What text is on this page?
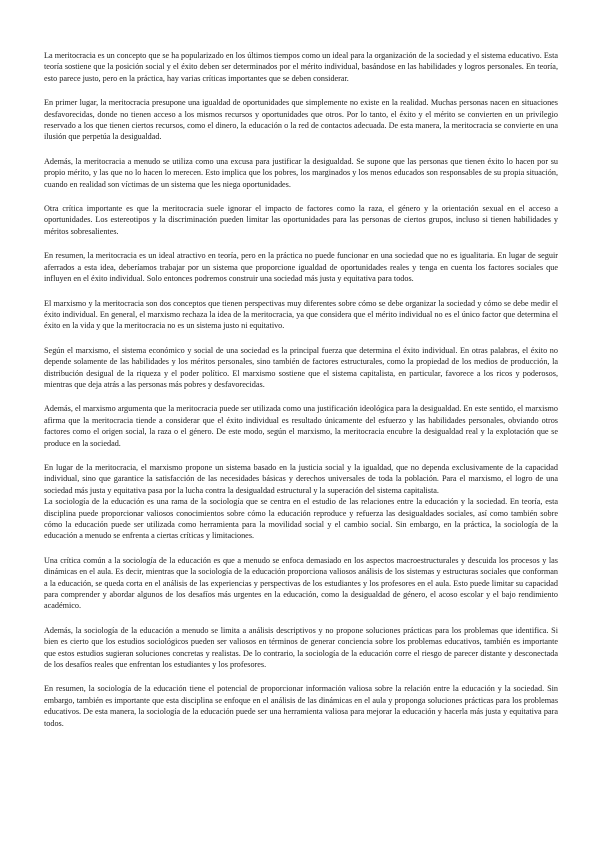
La meritocracia es un concepto que se ha popularizado en los últimos tiempos como un ideal para la organización de la sociedad y el sistema educativo. Esta teoría sostiene que la posición social y el éxito deben ser determinados por el mérito individual, basándose en las habilidades y logros personales. En teoría, esto parece justo, pero en la práctica, hay varias críticas importantes que se deben considerar.

En primer lugar, la meritocracia presupone una igualdad de oportunidades que simplemente no existe en la realidad. Muchas personas nacen en situaciones desfavorecidas, donde no tienen acceso a los mismos recursos y oportunidades que otros. Por lo tanto, el éxito y el mérito se convierten en un privilegio reservado a los que tienen ciertos recursos, como el dinero, la educación o la red de contactos adecuada. De esta manera, la meritocracia se convierte en una ilusión que perpetúa la desigualdad.

Además, la meritocracia a menudo se utiliza como una excusa para justificar la desigualdad. Se supone que las personas que tienen éxito lo hacen por su propio mérito, y las que no lo hacen lo merecen. Esto implica que los pobres, los marginados y los menos educados son responsables de su propia situación, cuando en realidad son víctimas de un sistema que les niega oportunidades.

Otra crítica importante es que la meritocracia suele ignorar el impacto de factores como la raza, el género y la orientación sexual en el acceso a oportunidades. Los estereotipos y la discriminación pueden limitar las oportunidades para las personas de ciertos grupos, incluso si tienen habilidades y méritos sobresalientes.

En resumen, la meritocracia es un ideal atractivo en teoría, pero en la práctica no puede funcionar en una sociedad que no es igualitaria. En lugar de seguir aferrados a esta idea, deberíamos trabajar por un sistema que proporcione igualdad de oportunidades reales y tenga en cuenta los factores sociales que influyen en el éxito individual. Solo entonces podremos construir una sociedad más justa y equitativa para todos.

El marxismo y la meritocracia son dos conceptos que tienen perspectivas muy diferentes sobre cómo se debe organizar la sociedad y cómo se debe medir el éxito individual. En general, el marxismo rechaza la idea de la meritocracia, ya que considera que el mérito individual no es el único factor que determina el éxito en la vida y que la meritocracia no es un sistema justo ni equitativo.

Según el marxismo, el sistema económico y social de una sociedad es la principal fuerza que determina el éxito individual. En otras palabras, el éxito no depende solamente de las habilidades y los méritos personales, sino también de factores estructurales, como la propiedad de los medios de producción, la distribución desigual de la riqueza y el poder político. El marxismo sostiene que el sistema capitalista, en particular, favorece a los ricos y poderosos, mientras que deja atrás a las personas más pobres y desfavorecidas.

Además, el marxismo argumenta que la meritocracia puede ser utilizada como una justificación ideológica para la desigualdad. En este sentido, el marxismo afirma que la meritocracia tiende a considerar que el éxito individual es resultado únicamente del esfuerzo y las habilidades personales, obviando otros factores como el origen social, la raza o el género. De este modo, según el marxismo, la meritocracia encubre la desigualdad real y la explotación que se produce en la sociedad.

En lugar de la meritocracia, el marxismo propone un sistema basado en la justicia social y la igualdad, que no dependa exclusivamente de la capacidad individual, sino que garantice la satisfacción de las necesidades básicas y derechos universales de toda la población. Para el marxismo, el logro de una sociedad más justa y equitativa pasa por la lucha contra la desigualdad estructural y la superación del sistema capitalista.

La sociología de la educación es una rama de la sociología que se centra en el estudio de las relaciones entre la educación y la sociedad. En teoría, esta disciplina puede proporcionar valiosos conocimientos sobre cómo la educación reproduce y refuerza las desigualdades sociales, así como también sobre cómo la educación puede ser utilizada como herramienta para la movilidad social y el cambio social. Sin embargo, en la práctica, la sociología de la educación a menudo se enfrenta a ciertas críticas y limitaciones.

Una crítica común a la sociología de la educación es que a menudo se enfoca demasiado en los aspectos macroestructurales y descuida los procesos y las dinámicas en el aula. Es decir, mientras que la sociología de la educación proporciona valiosos análisis de los sistemas y estructuras sociales que conforman a la educación, se queda corta en el análisis de las experiencias y perspectivas de los estudiantes y los profesores en el aula. Esto puede limitar su capacidad para comprender y abordar algunos de los desafíos más urgentes en la educación, como la desigualdad de género, el acoso escolar y el bajo rendimiento académico.

Además, la sociología de la educación a menudo se limita a análisis descriptivos y no propone soluciones prácticas para los problemas que identifica. Si bien es cierto que los estudios sociológicos pueden ser valiosos en términos de generar conciencia sobre los problemas educativos, también es importante que estos estudios sugieran soluciones concretas y realistas. De lo contrario, la sociología de la educación corre el riesgo de parecer distante y desconectada de los desafíos reales que enfrentan los estudiantes y los profesores.

En resumen, la sociología de la educación tiene el potencial de proporcionar información valiosa sobre la relación entre la educación y la sociedad. Sin embargo, también es importante que esta disciplina se enfoque en el análisis de las dinámicas en el aula y proponga soluciones prácticas para los problemas educativos. De esta manera, la sociología de la educación puede ser una herramienta valiosa para mejorar la educación y hacerla más justa y equitativa para todos.
